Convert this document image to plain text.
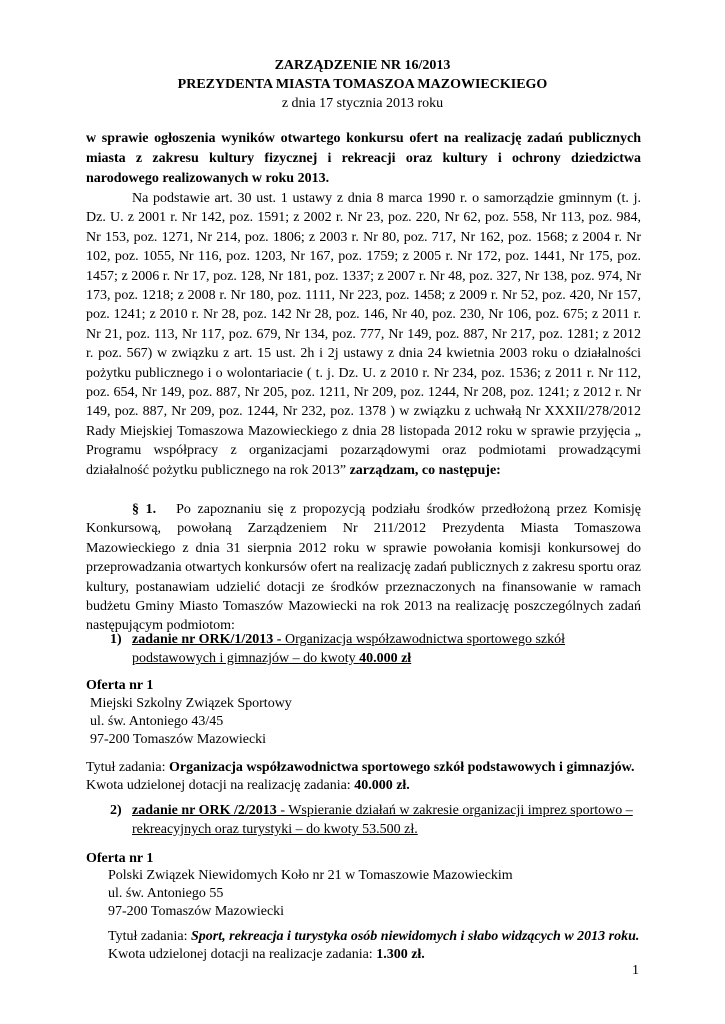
ZARZĄDZENIE NR 16/2013
PREZYDENTA MIASTA TOMASZOA MAZOWIECKIEGO
z dnia 17 stycznia 2013 roku
w sprawie ogłoszenia wyników otwartego konkursu ofert na realizację zadań publicznych miasta z zakresu kultury fizycznej i rekreacji oraz kultury i ochrony dziedzictwa narodowego realizowanych w roku 2013.
Na podstawie art. 30 ust. 1 ustawy z dnia 8 marca 1990 r. o samorządzie gminnym (t. j. Dz. U. z 2001 r. Nr 142, poz. 1591; z 2002 r. Nr 23, poz. 220, Nr 62, poz. 558, Nr 113, poz. 984, Nr 153, poz. 1271, Nr 214, poz. 1806; z 2003 r. Nr 80, poz. 717, Nr 162, poz. 1568; z 2004 r. Nr 102, poz. 1055, Nr 116, poz. 1203, Nr 167, poz. 1759; z 2005 r. Nr 172, poz. 1441, Nr 175, poz. 1457; z 2006 r. Nr 17, poz. 128, Nr 181, poz. 1337; z 2007 r. Nr 48, poz. 327, Nr 138, poz. 974, Nr 173, poz. 1218; z 2008 r. Nr 180, poz. 1111, Nr 223, poz. 1458; z 2009 r. Nr 52, poz. 420, Nr 157, poz. 1241; z 2010 r. Nr 28, poz. 142 Nr 28, poz. 146, Nr 40, poz. 230, Nr 106, poz. 675; z 2011 r. Nr 21, poz. 113, Nr 117, poz. 679, Nr 134, poz. 777, Nr 149, poz. 887, Nr 217, poz. 1281; z 2012 r. poz. 567) w związku z art. 15 ust. 2h i 2j ustawy z dnia 24 kwietnia 2003 roku o działalności pożytku publicznego i o wolontariacie ( t. j. Dz. U. z 2010 r. Nr 234, poz. 1536; z 2011 r. Nr 112, poz. 654, Nr 149, poz. 887, Nr 205, poz. 1211, Nr 209, poz. 1244, Nr 208, poz. 1241; z 2012 r. Nr 149, poz. 887, Nr 209, poz. 1244, Nr 232, poz. 1378 ) w związku z uchwałą Nr XXXII/278/2012 Rady Miejskiej Tomaszowa Mazowieckiego z dnia 28 listopada 2012 roku w sprawie przyjęcia „ Programu współpracy z organizacjami pozarządowymi oraz podmiotami prowadzącymi działalność pożytku publicznego na rok 2013” zarządzam, co następuje:
§ 1. Po zapoznaniu się z propozycją podziału środków przedłożoną przez Komisję Konkursową, powołaną Zarządzeniem Nr 211/2012 Prezydenta Miasta Tomaszowa Mazowieckiego z dnia 31 sierpnia 2012 roku w sprawie powołania komisji konkursowej do przeprowadzania otwartych konkursów ofert na realizację zadań publicznych z zakresu sportu oraz kultury, postanawiam udzielić dotacji ze środków przeznaczonych na finansowanie w ramach budżetu Gminy Miasto Tomaszów Mazowiecki na rok 2013 na realizację poszczególnych zadań następującym podmiotom:
1) zadanie nr ORK/1/2013 - Organizacja współzawodnictwa sportowego szkół podstawowych i gimnazjów – do kwoty 40.000 zł
Oferta nr 1
Miejski Szkolny Związek Sportowy
ul. św. Antoniego 43/45
97-200 Tomaszów Mazowiecki
Tytuł zadania: Organizacja współzawodnictwa sportowego szkół podstawowych i gimnazjów.
Kwota udzielonej dotacji na realizację zadania: 40.000 zł.
2) zadanie nr ORK /2/2013 - Wspieranie działań w zakresie organizacji imprez sportowo – rekreacyjnych oraz turystyki – do kwoty 53.500 zł.
Oferta nr 1
Polski Związek Niewidomych Koło nr 21 w Tomaszowie Mazowieckim
ul. św. Antoniego 55
97-200 Tomaszów Mazowiecki
Tytuł zadania: Sport, rekreacja i turystyka osób niewidomych i słabo widzących w 2013 roku.
Kwota udzielonej dotacji na realizacje zadania: 1.300 zł.
1
